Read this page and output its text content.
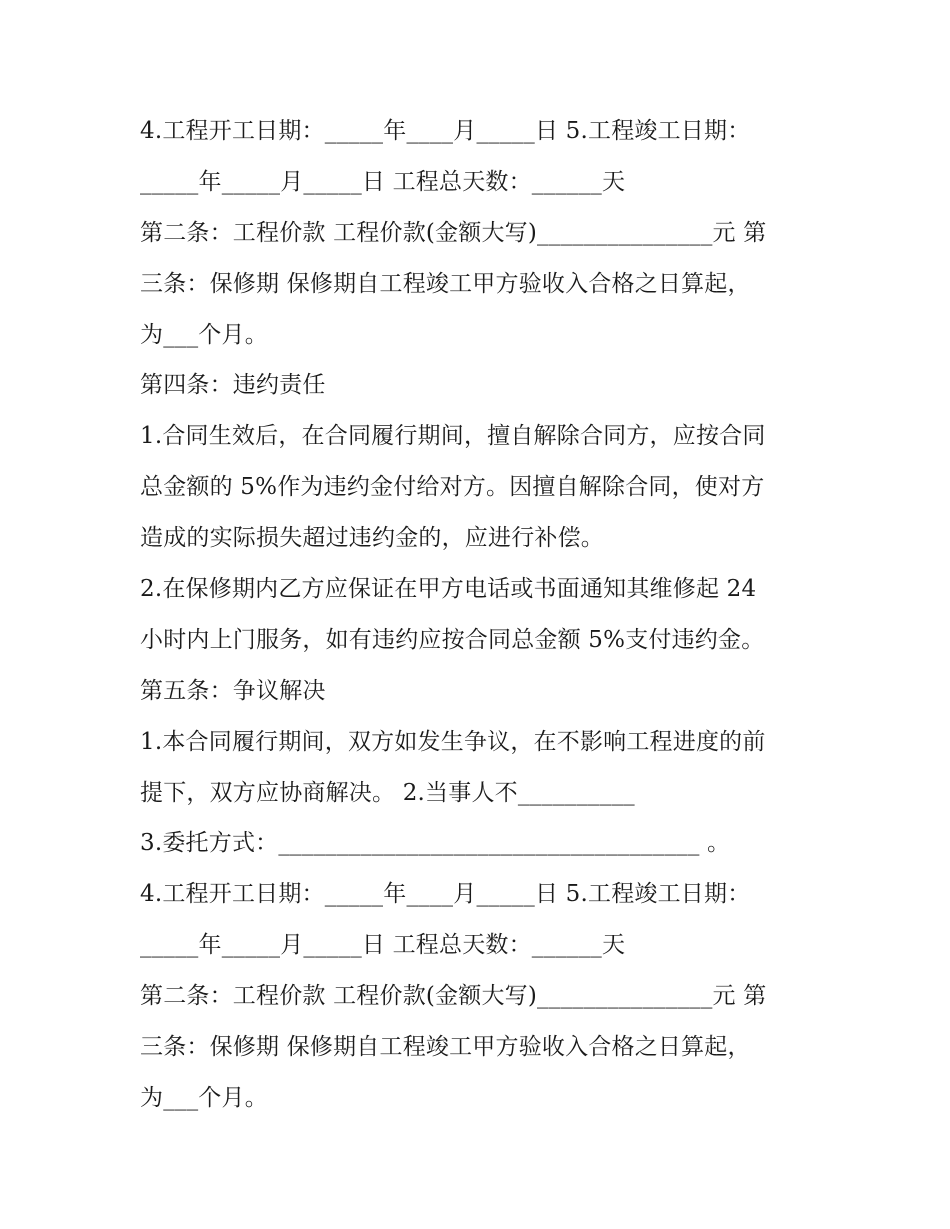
4.工程开工日期：_____年____月_____日 5.工程竣工日期：
_____年_____月_____日 工程总天数：______天
第二条：工程价款 工程价款(金额大写)_______________元 第
三条：保修期 保修期自工程竣工甲方验收入合格之日算起，
为___个月。
第四条：违约责任
1.合同生效后，在合同履行期间，擅自解除合同方，应按合同
总金额的 5%作为违约金付给对方。因擅自解除合同，使对方
造成的实际损失超过违约金的，应进行补偿。
2.在保修期内乙方应保证在甲方电话或书面通知其维修起 24
小时内上门服务，如有违约应按合同总金额 5%支付违约金。
第五条：争议解决
1.本合同履行期间，双方如发生争议，在不影响工程进度的前
提下，双方应协商解决。 2.当事人不__________
3.委托方式：____________________________________ 。
4.工程开工日期：_____年____月_____日 5.工程竣工日期：
_____年_____月_____日 工程总天数：______天
第二条：工程价款 工程价款(金额大写)_______________元 第
三条：保修期 保修期自工程竣工甲方验收入合格之日算起，
为___个月。
